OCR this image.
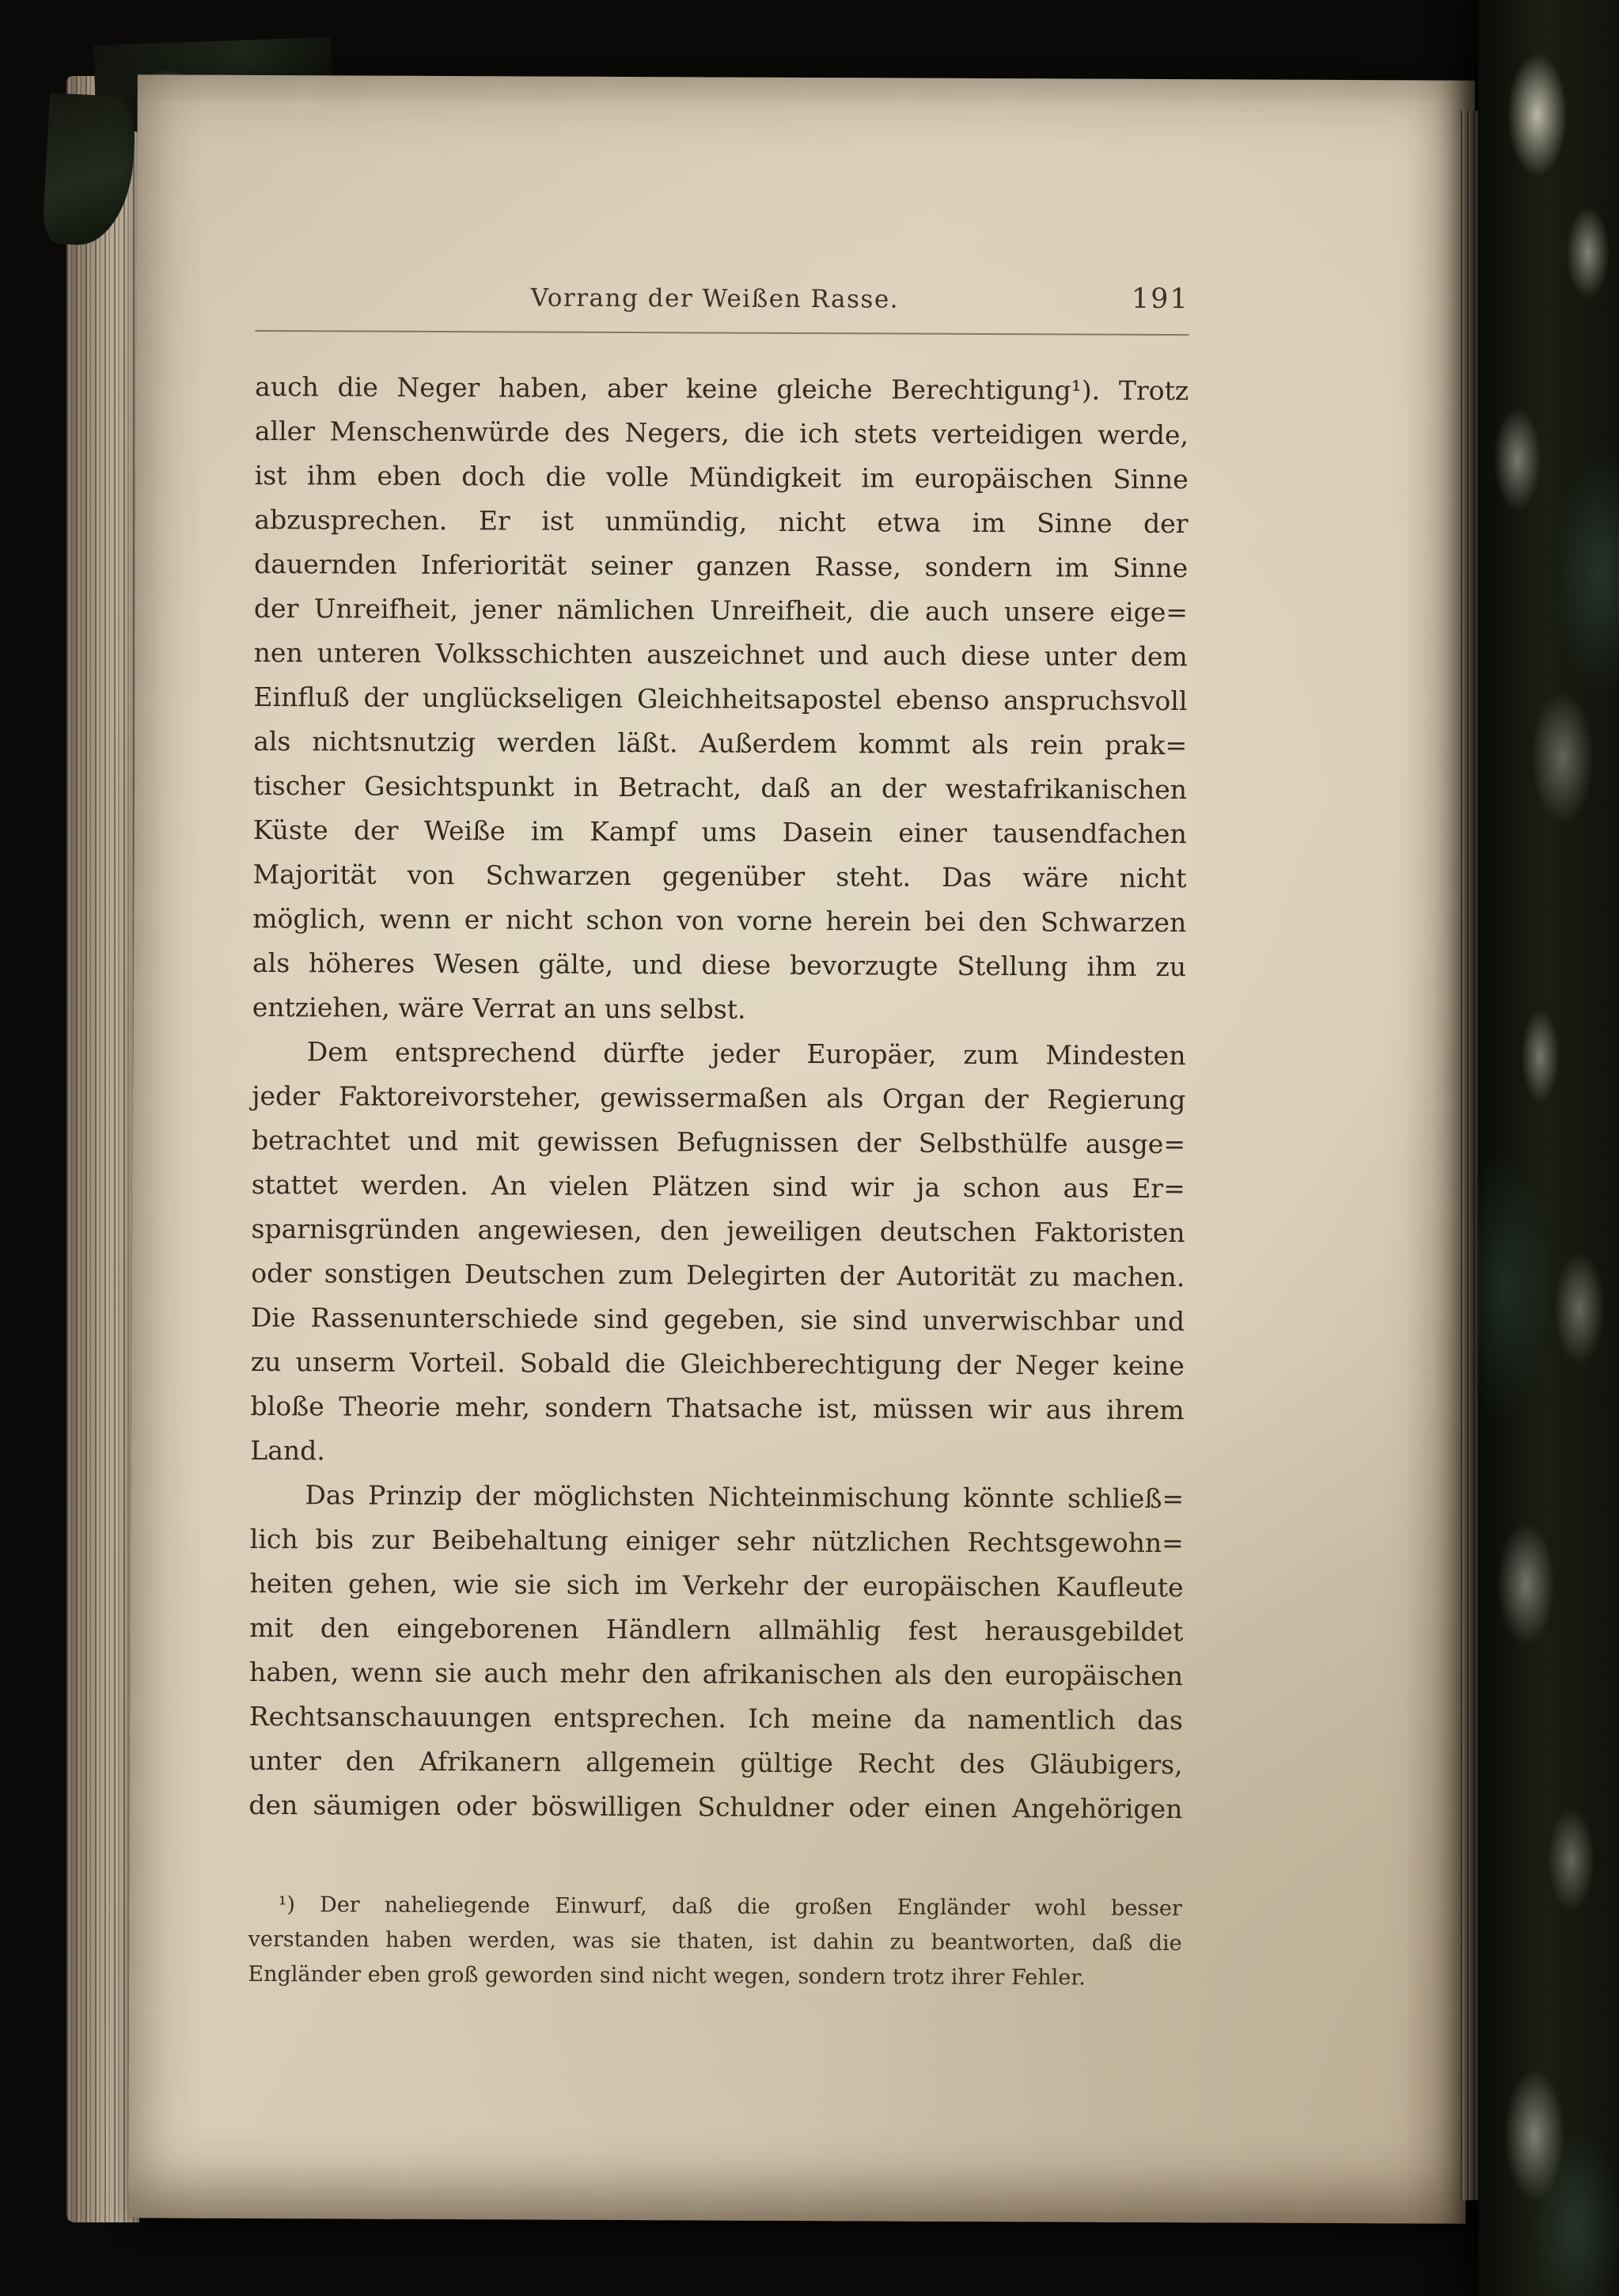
Vorrang der Weißen Rasse.	191
auch die Neger haben, aber keine gleiche Berechtigung¹). Trotz
aller Menschenwürde des Negers, die ich stets verteidigen werde,
ist ihm eben doch die volle Mündigkeit im europäischen Sinne
abzusprechen. Er ist unmündig, nicht etwa im Sinne der
dauernden Inferiorität seiner ganzen Rasse, sondern im Sinne
der Unreifheit, jener nämlichen Unreifheit, die auch unsere eige=
nen unteren Volksschichten auszeichnet und auch diese unter dem
Einfluß der unglückseligen Gleichheitsapostel ebenso anspruchsvoll
als nichtsnutzig werden läßt. Außerdem kommt als rein prak=
tischer Gesichtspunkt in Betracht, daß an der westafrikanischen
Küste der Weiße im Kampf ums Dasein einer tausendfachen
Majorität von Schwarzen gegenüber steht. Das wäre nicht
möglich, wenn er nicht schon von vorne herein bei den Schwarzen
als höheres Wesen gälte, und diese bevorzugte Stellung ihm zu
entziehen, wäre Verrat an uns selbst.
Dem entsprechend dürfte jeder Europäer, zum Mindesten
jeder Faktoreivorsteher, gewissermaßen als Organ der Regierung
betrachtet und mit gewissen Befugnissen der Selbsthülfe ausge=
stattet werden. An vielen Plätzen sind wir ja schon aus Er=
sparnisgründen angewiesen, den jeweiligen deutschen Faktoristen
oder sonstigen Deutschen zum Delegirten der Autorität zu machen.
Die Rassenunterschiede sind gegeben, sie sind unverwischbar und
zu unserm Vorteil. Sobald die Gleichberechtigung der Neger keine
bloße Theorie mehr, sondern Thatsache ist, müssen wir aus ihrem
Land.
Das Prinzip der möglichsten Nichteinmischung könnte schließ=
lich bis zur Beibehaltung einiger sehr nützlichen Rechtsgewohn=
heiten gehen, wie sie sich im Verkehr der europäischen Kaufleute
mit den eingeborenen Händlern allmählig fest herausgebildet
haben, wenn sie auch mehr den afrikanischen als den europäischen
Rechtsanschauungen entsprechen. Ich meine da namentlich das
unter den Afrikanern allgemein gültige Recht des Gläubigers,
den säumigen oder böswilligen Schuldner oder einen Angehörigen
¹) Der naheliegende Einwurf, daß die großen Engländer wohl besser
verstanden haben werden, was sie thaten, ist dahin zu beantworten, daß die
Engländer eben groß geworden sind nicht wegen, sondern trotz ihrer Fehler.
